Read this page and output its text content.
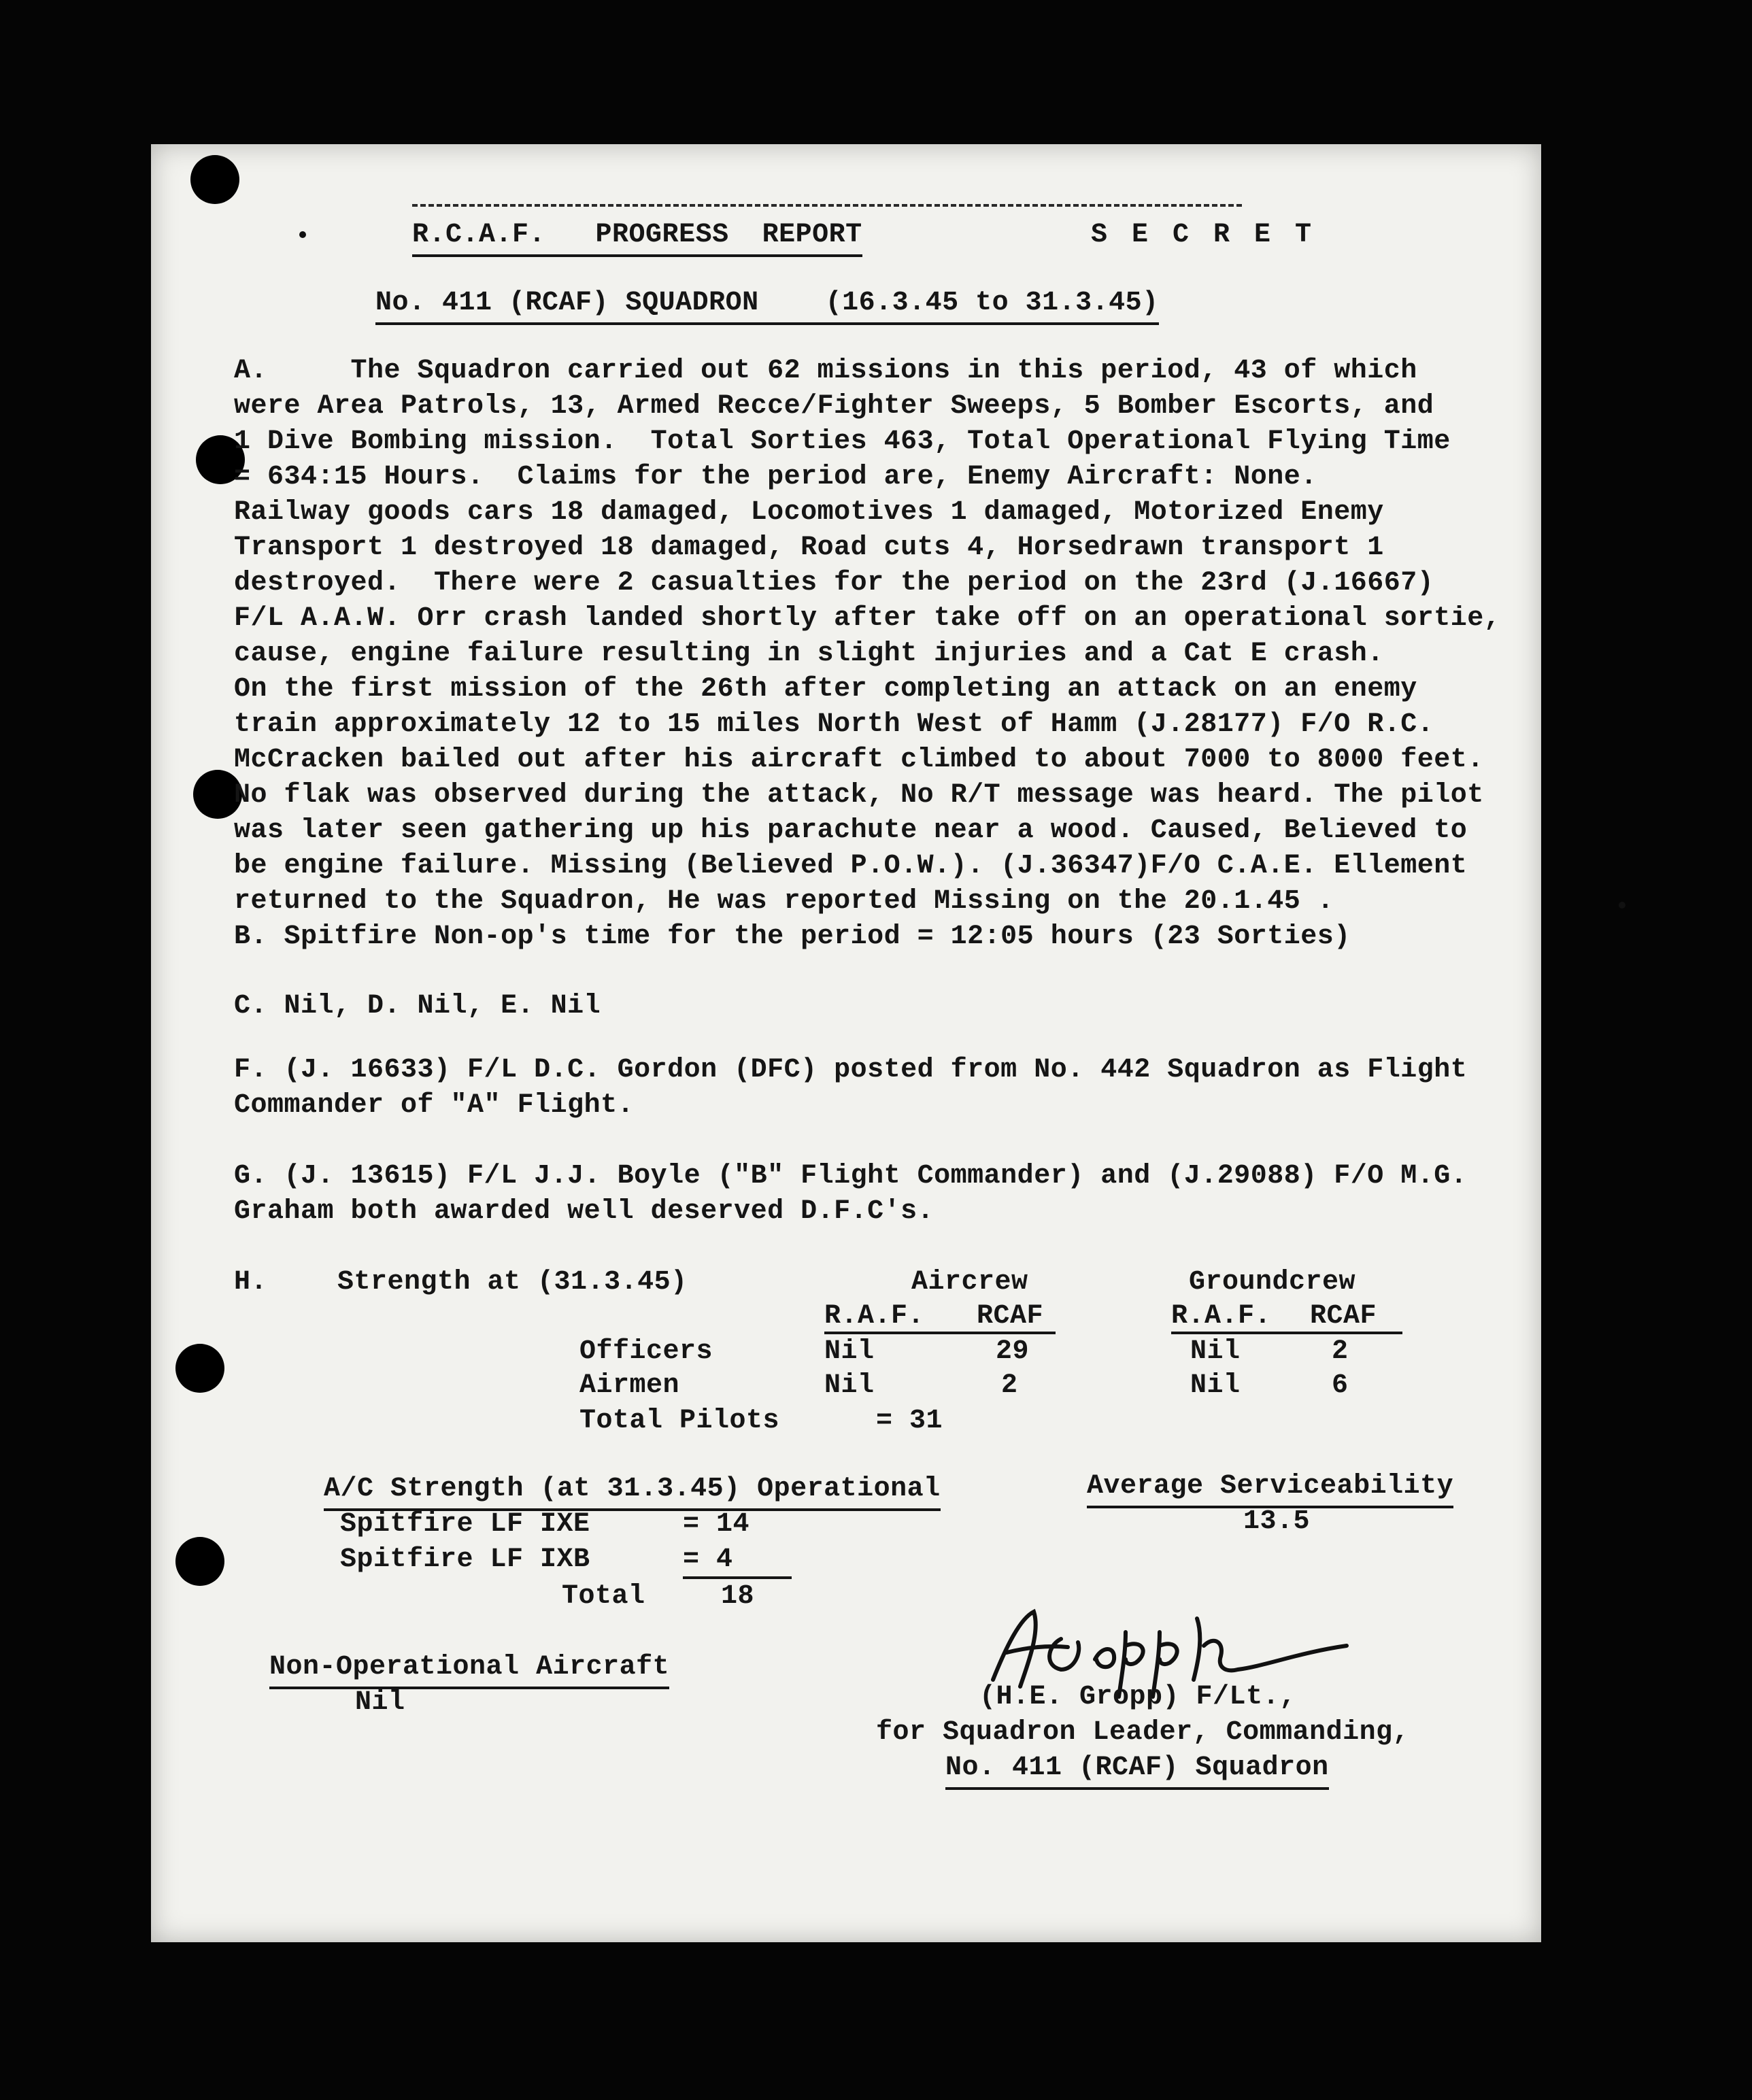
R.C.A.F.   PROGRESS  REPORT	S E C R E T
No. 411 (RCAF) SQUADRON    (16.3.45 to 31.3.45)
A.     The Squadron carried out 62 missions in this period, 43 of which
were Area Patrols, 13, Armed Recce/Fighter Sweeps, 5 Bomber Escorts, and
1 Dive Bombing mission.  Total Sorties 463, Total Operational Flying Time
= 634:15 Hours.  Claims for the period are, Enemy Aircraft: None.
Railway goods cars 18 damaged, Locomotives 1 damaged, Motorized Enemy
Transport 1 destroyed 18 damaged, Road cuts 4, Horsedrawn transport 1
destroyed.  There were 2 casualties for the period on the 23rd (J.16667)
F/L A.A.W. Orr crash landed shortly after take off on an operational sortie,
cause, engine failure resulting in slight injuries and a Cat E crash.
On the first mission of the 26th after completing an attack on an enemy
train approximately 12 to 15 miles North West of Hamm (J.28177) F/O R.C.
McCracken bailed out after his aircraft climbed to about 7000 to 8000 feet.
No flak was observed during the attack, No R/T message was heard. The pilot
was later seen gathering up his parachute near a wood. Caused, Believed to
be engine failure. Missing (Believed P.O.W.). (J.36347)F/O C.A.E. Ellement
returned to the Squadron, He was reported Missing on the 20.1.45 .
B. Spitfire Non-op's time for the period = 12:05 hours (23 Sorties)
C. Nil, D. Nil, E. Nil
F. (J. 16633) F/L D.C. Gordon (DFC) posted from No. 442 Squadron as Flight
Commander of "A" Flight.
G. (J. 13615) F/L J.J. Boyle ("B" Flight Commander) and (J.29088) F/O M.G.
Graham both awarded well deserved D.F.C's.
H.	Strength at (31.3.45)	Aircrew	Groundcrew
R.A.F. RCAF	R.A.F. RCAF
Officers	Nil	29	Nil	2
Airmen	Nil	2	Nil	6
Total Pilots	= 31
A/C Strength (at 31.3.45) Operational
Spitfire LF IXE	= 14
Spitfire LF IXB	= 4
Total	18
Average Serviceability
13.5
Non-Operational Aircraft
Nil	(H.E. Gropp) F/Lt.,
for Squadron Leader, Commanding,
No. 411 (RCAF) Squadron
